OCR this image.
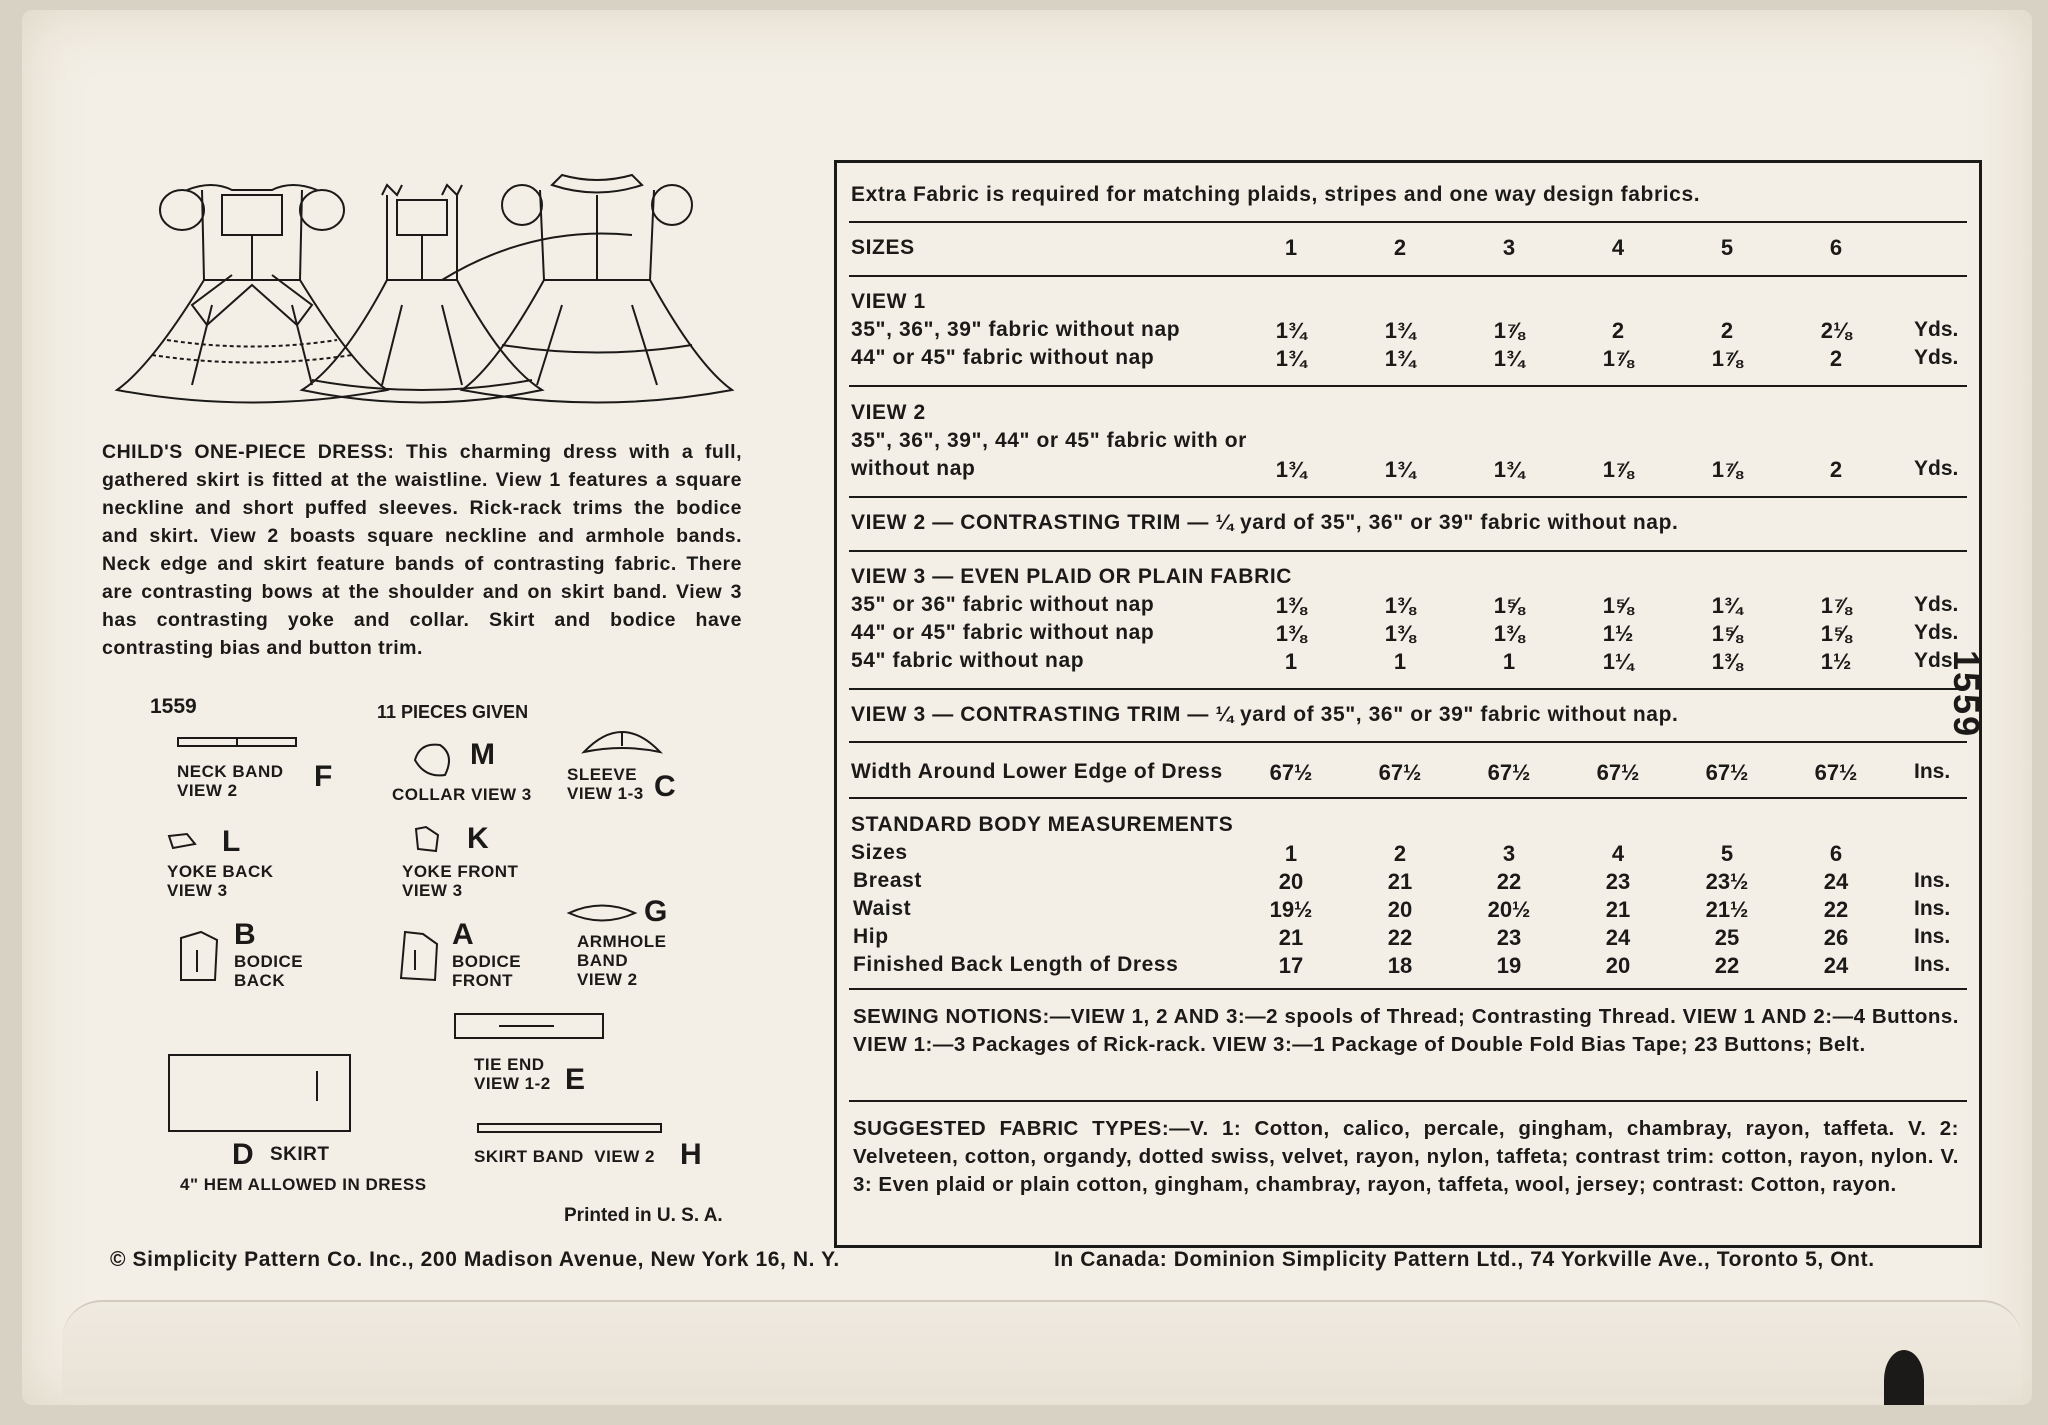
CHILD'S ONE-PIECE DRESS: This charming dress with a full, gathered skirt is fitted at the waistline. View 1 features a square neckline and short puffed sleeves. Rick-rack trims the bodice and skirt. View 2 boasts square neckline and armhole bands. Neck edge and skirt feature bands of contrasting fabric. There are contrasting bows at the shoulder and on skirt band. View 3 has contrasting yoke and collar. Skirt and bodice have contrasting bias and button trim.
1559	11 PIECES GIVEN
NECK BAND
VIEW 2	F
M
COLLAR VIEW 3
SLEEVE
VIEW 1-3 C
L
YOKE BACK
VIEW 3
K
YOKE FRONT
VIEW 3
B
BODICE
BACK
A
BODICE
FRONT
G
ARMHOLE
BAND
VIEW 2
TIE END
VIEW 1-2 E
D SKIRT
4" HEM ALLOWED IN DRESS
SKIRT BAND VIEW 2 H
Printed in U. S. A.
Extra Fabric is required for matching plaids, stripes and one way design fabrics.
SIZES	1	2	3	4	5	6
VIEW 1
35", 36", 39" fabric without nap	1¾	1¾	1⅞	2	2	2⅛	Yds.
44" or 45" fabric without nap	1¾	1¾	1¾	1⅞	1⅞	2	Yds.
VIEW 2
35", 36", 39", 44" or 45" fabric with or
without nap	1¾	1¾	1¾	1⅞	1⅞	2	Yds.
VIEW 2 — CONTRASTING TRIM — ¼ yard of 35", 36" or 39" fabric without nap.
VIEW 3 — EVEN PLAID OR PLAIN FABRIC
35" or 36" fabric without nap	1⅜	1⅜	1⅝	1⅝	1¾	1⅞	Yds.
44" or 45" fabric without nap	1⅜	1⅜	1⅜	1½	1⅝	1⅝	Yds.
54" fabric without nap	1	1	1	1¼	1⅜	1½	Yds.
VIEW 3 — CONTRASTING TRIM — ¼ yard of 35", 36" or 39" fabric without nap.
Width Around Lower Edge of Dress 67½	67½	67½	67½	67½	67½	Ins.
STANDARD BODY MEASUREMENTS
Sizes	1	2	3	4	5	6
Breast	20	21	22	23	23½	24	Ins.
Waist	19½	20	20½	21	21½	22	Ins.
Hip	21	22	23	24	25	26	Ins.
Finished Back Length of Dress	17	18	19	20	22	24	Ins.
SEWING NOTIONS:—VIEW 1, 2 AND 3:—2 spools of Thread; Contrasting Thread. VIEW 1 AND 2:—4 Buttons. VIEW 1:—3 Packages of Rick-rack. VIEW 3:—1 Package of Double Fold Bias Tape; 23 Buttons; Belt.
SUGGESTED FABRIC TYPES:—V. 1: Cotton, calico, percale, gingham, chambray, rayon, taffeta. V. 2: Velveteen, cotton, organdy, dotted swiss, velvet, rayon, nylon, taffeta; contrast trim: cotton, rayon, nylon. V. 3: Even plaid or plain cotton, gingham, chambray, rayon, taffeta, wool, jersey; contrast: Cotton, rayon.
1559
© Simplicity Pattern Co. Inc., 200 Madison Avenue, New York 16, N. Y.	In Canada: Dominion Simplicity Pattern Ltd., 74 Yorkville Ave., Toronto 5, Ont.
